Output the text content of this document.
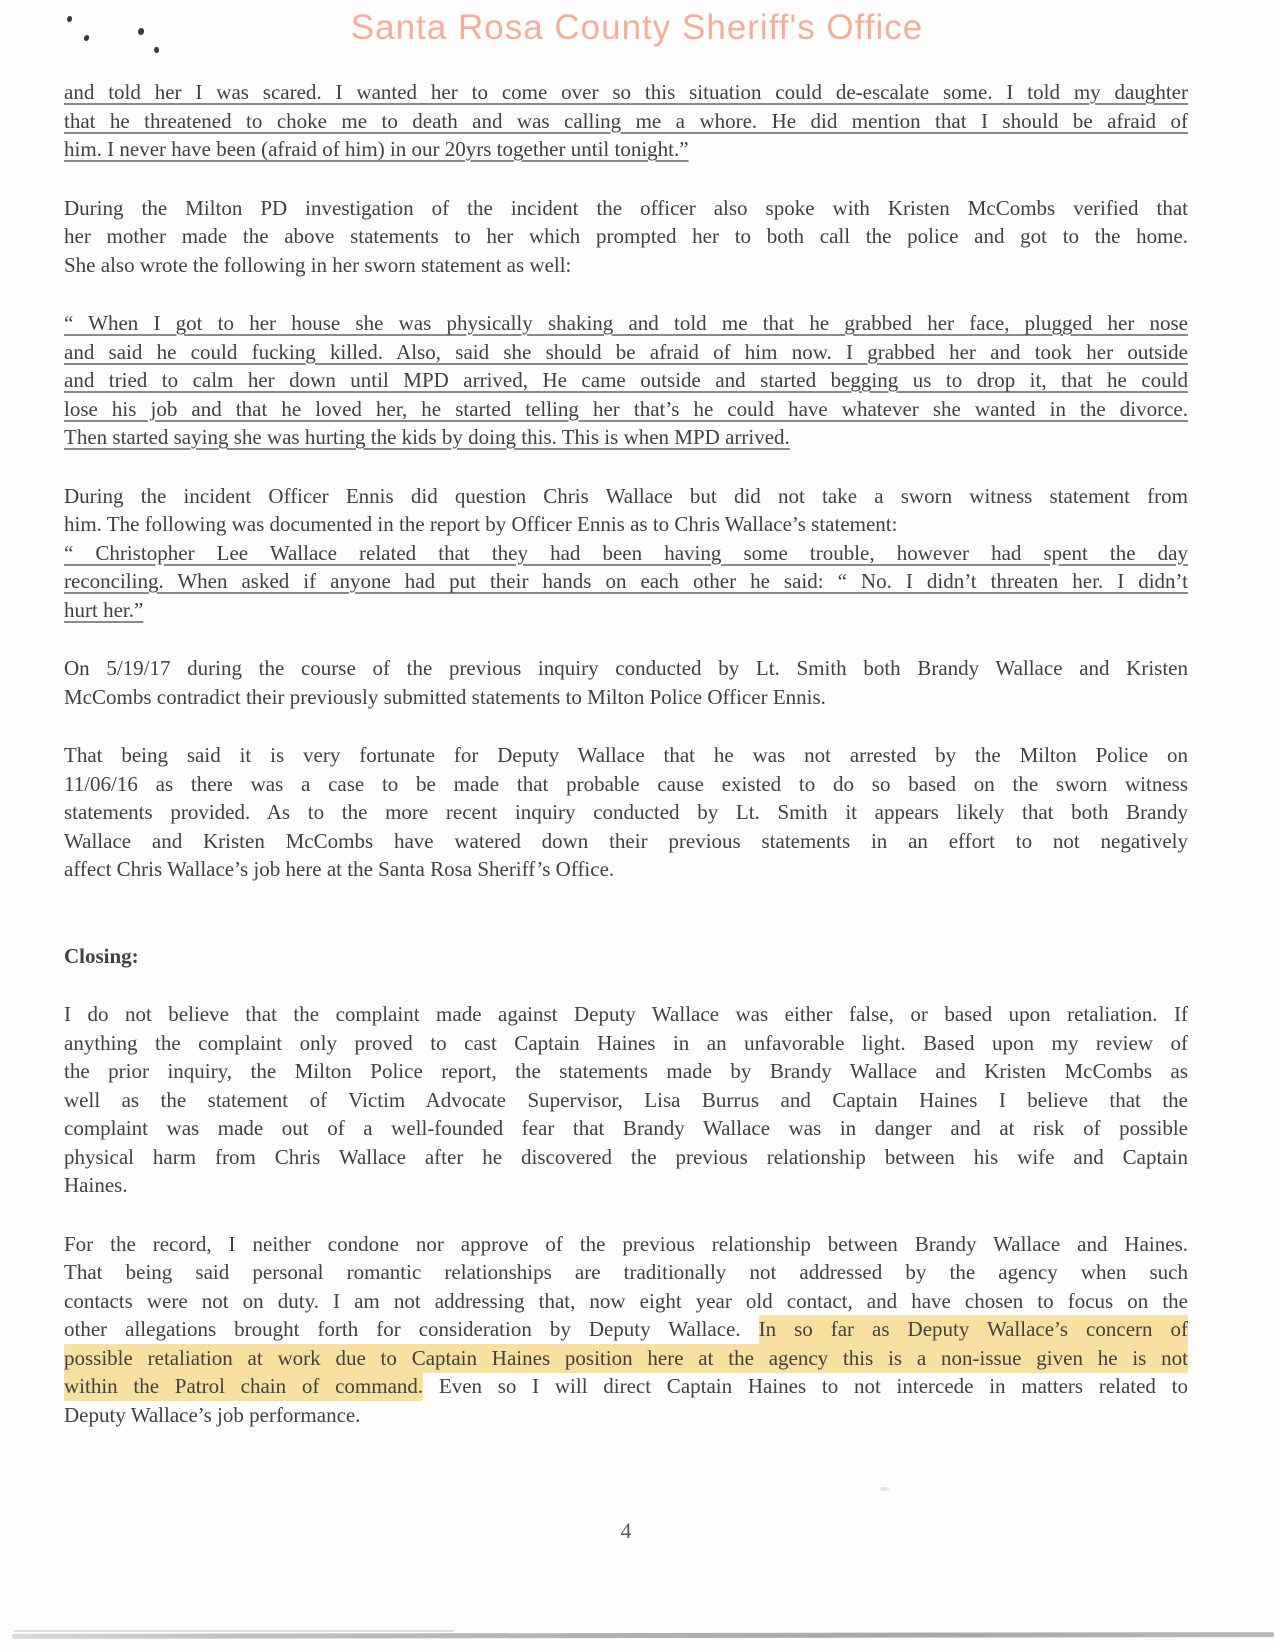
Santa Rosa County Sheriff's Office
and told her I was scared. I wanted her to come over so this situation could de-escalate some. I told my daughter
that he threatened to choke me to death and was calling me a whore. He did mention that I should be afraid of
him. I never have been (afraid of him) in our 20yrs together until tonight.”
During the Milton PD investigation of the incident the officer also spoke with Kristen McCombs verified that
her mother made the above statements to her which prompted her to both call the police and got to the home.
She also wrote the following in her sworn statement as well:
“ When I got to her house she was physically shaking and told me that he grabbed her face, plugged her nose
and said he could fucking killed. Also, said she should be afraid of him now. I grabbed her and took her outside
and tried to calm her down until MPD arrived, He came outside and started begging us to drop it, that he could
lose his job and that he loved her, he started telling her that’s he could have whatever she wanted in the divorce.
Then started saying she was hurting the kids by doing this. This is when MPD arrived.
During the incident Officer Ennis did question Chris Wallace but did not take a sworn witness statement from
him. The following was documented in the report by Officer Ennis as to Chris Wallace’s statement:
“ Christopher Lee Wallace related that they had been having some trouble, however had spent the day
reconciling. When asked if anyone had put their hands on each other he said: “ No. I didn’t threaten her. I didn’t
hurt her.”
On 5/19/17 during the course of the previous inquiry conducted by Lt. Smith both Brandy Wallace and Kristen
McCombs contradict their previously submitted statements to Milton Police Officer Ennis.
That being said it is very fortunate for Deputy Wallace that he was not arrested by the Milton Police on
11/06/16 as there was a case to be made that probable cause existed to do so based on the sworn witness
statements provided. As to the more recent inquiry conducted by Lt. Smith it appears likely that both Brandy
Wallace and Kristen McCombs have watered down their previous statements in an effort to not negatively
affect Chris Wallace’s job here at the Santa Rosa Sheriff’s Office.
Closing:
I do not believe that the complaint made against Deputy Wallace was either false, or based upon retaliation. If
anything the complaint only proved to cast Captain Haines in an unfavorable light. Based upon my review of
the prior inquiry, the Milton Police report, the statements made by Brandy Wallace and Kristen McCombs as
well as the statement of Victim Advocate Supervisor, Lisa Burrus and Captain Haines I believe that the
complaint was made out of a well-founded fear that Brandy Wallace was in danger and at risk of possible
physical harm from Chris Wallace after he discovered the previous relationship between his wife and Captain
Haines.
For the record, I neither condone nor approve of the previous relationship between Brandy Wallace and Haines.
That being said personal romantic relationships are traditionally not addressed by the agency when such
contacts were not on duty. I am not addressing that, now eight year old contact, and have chosen to focus on the
other allegations brought forth for consideration by Deputy Wallace. In so far as Deputy Wallace’s concern of
possible retaliation at work due to Captain Haines position here at the agency this is a non-issue given he is not
within the Patrol chain of command. Even so I will direct Captain Haines to not intercede in matters related to
Deputy Wallace’s job performance.
4
